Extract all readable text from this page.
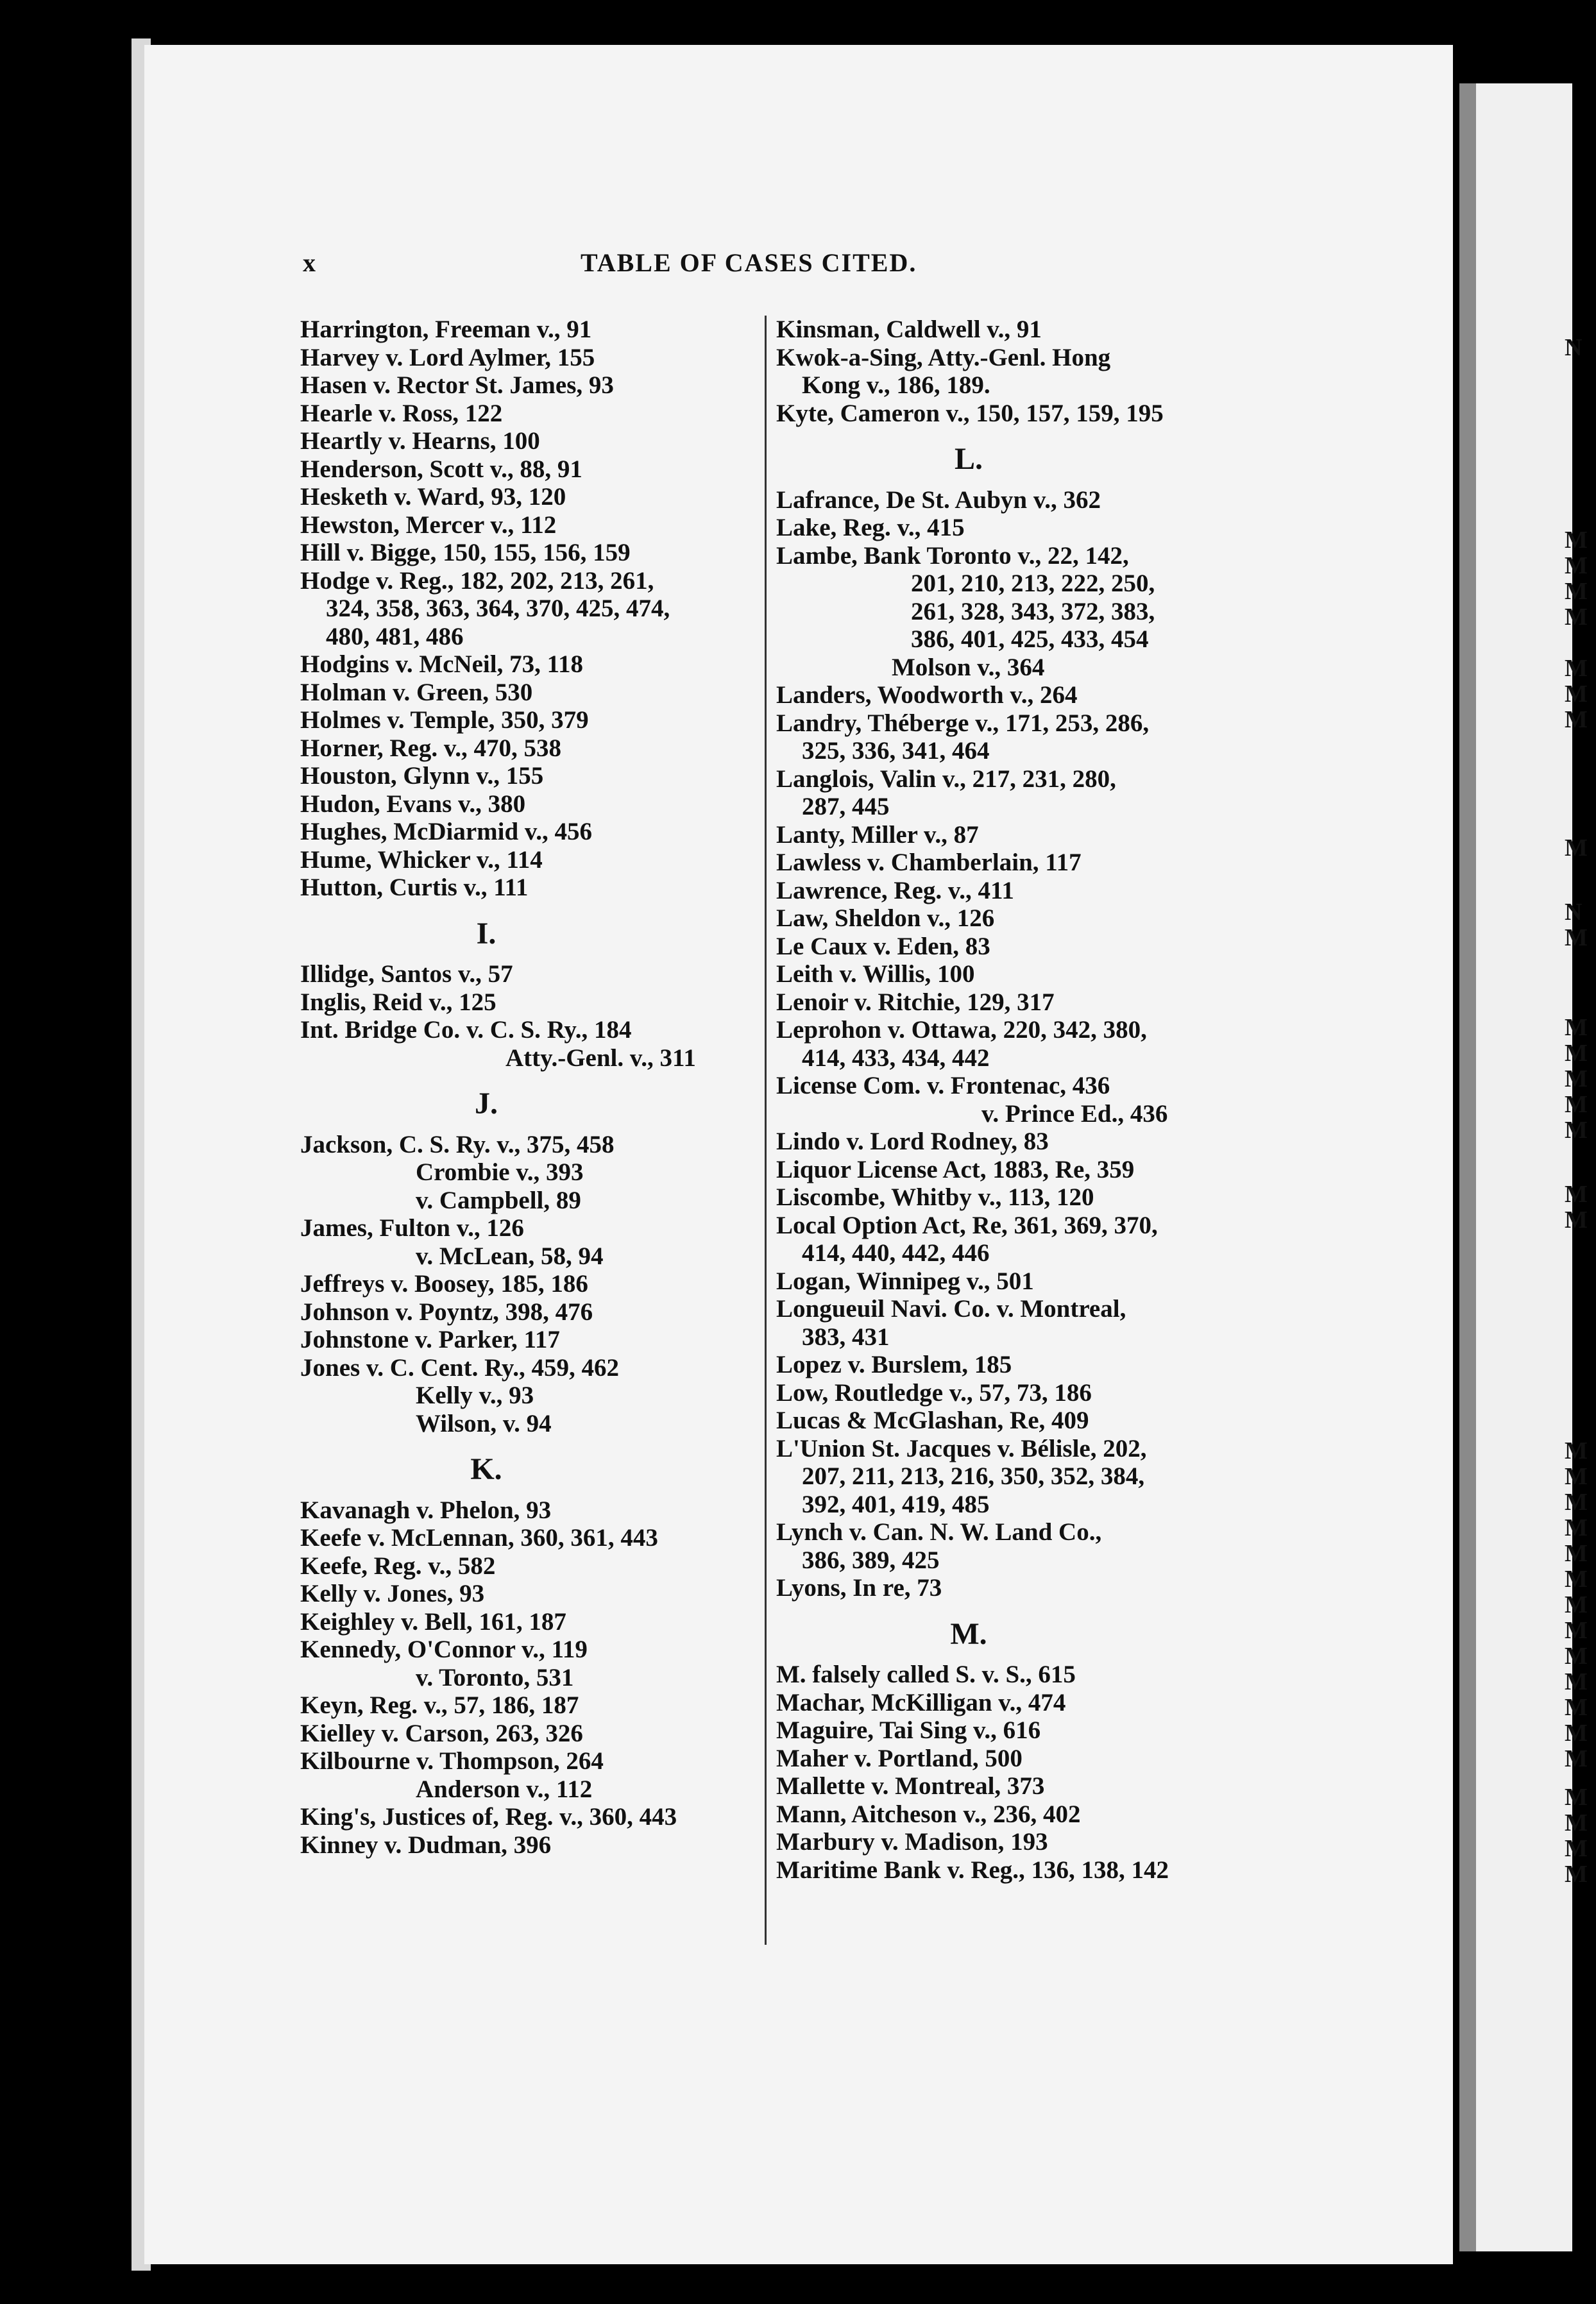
x	TABLE OF CASES CITED.
Harrington, Freeman v., 91
Harvey v. Lord Aylmer, 155
Hasen v. Rector St. James, 93
Hearle v. Ross, 122
Heartly v. Hearns, 100
Henderson, Scott v., 88, 91
Hesketh v. Ward, 93, 120
Hewston, Mercer v., 112
Hill v. Bigge, 150, 155, 156, 159
Hodge v. Reg., 182, 202, 213, 261,
324, 358, 363, 364, 370, 425, 474,
480, 481, 486
Hodgins v. McNeil, 73, 118
Holman v. Green, 530
Holmes v. Temple, 350, 379
Horner, Reg. v., 470, 538
Houston, Glynn v., 155
Hudon, Evans v., 380
Hughes, McDiarmid v., 456
Hume, Whicker v., 114
Hutton, Curtis v., 111
I.
Illidge, Santos v., 57
Inglis, Reid v., 125
Int. Bridge Co. v. C. S. Ry., 184
Atty.-Genl. v., 311
J.
Jackson, C. S. Ry. v., 375, 458
Crombie v., 393
v. Campbell, 89
James, Fulton v., 126
v. McLean, 58, 94
Jeffreys v. Boosey, 185, 186
Johnson v. Poyntz, 398, 476
Johnstone v. Parker, 117
Jones v. C. Cent. Ry., 459, 462
Kelly v., 93
Wilson, v. 94
K.
Kavanagh v. Phelon, 93
Keefe v. McLennan, 360, 361, 443
Keefe, Reg. v., 582
Kelly v. Jones, 93
Keighley v. Bell, 161, 187
Kennedy, O'Connor v., 119
v. Toronto, 531
Keyn, Reg. v., 57, 186, 187
Kielley v. Carson, 263, 326
Kilbourne v. Thompson, 264
Anderson v., 112
King's, Justices of, Reg. v., 360, 443
Kinney v. Dudman, 396
Kinsman, Caldwell v., 91
Kwok-a-Sing, Atty.-Genl. Hong
Kong v., 186, 189.
Kyte, Cameron v., 150, 157, 159, 195
L.
Lafrance, De St. Aubyn v., 362
Lake, Reg. v., 415
Lambe, Bank Toronto v., 22, 142,
201, 210, 213, 222, 250,
261, 328, 343, 372, 383,
386, 401, 425, 433, 454
Molson v., 364
Landers, Woodworth v., 264
Landry, Théberge v., 171, 253, 286,
325, 336, 341, 464
Langlois, Valin v., 217, 231, 280,
287, 445
Lanty, Miller v., 87
Lawless v. Chamberlain, 117
Lawrence, Reg. v., 411
Law, Sheldon v., 126
Le Caux v. Eden, 83
Leith v. Willis, 100
Lenoir v. Ritchie, 129, 317
Leprohon v. Ottawa, 220, 342, 380,
414, 433, 434, 442
License Com. v. Frontenac, 436
v. Prince Ed., 436
Lindo v. Lord Rodney, 83
Liquor License Act, 1883, Re, 359
Liscombe, Whitby v., 113, 120
Local Option Act, Re, 361, 369, 370,
414, 440, 442, 446
Logan, Winnipeg v., 501
Longueuil Navi. Co. v. Montreal,
383, 431
Lopez v. Burslem, 185
Low, Routledge v., 57, 73, 186
Lucas & McGlashan, Re, 409
L'Union St. Jacques v. Bélisle, 202,
207, 211, 213, 216, 350, 352, 384,
392, 401, 419, 485
Lynch v. Can. N. W. Land Co.,
386, 389, 425
Lyons, In re, 73
M.
M. falsely called S. v. S., 615
Machar, McKilligan v., 474
Maguire, Tai Sing v., 616
Maher v. Portland, 500
Mallette v. Montreal, 373
Mann, Aitcheson v., 236, 402
Marbury v. Madison, 193
Maritime Bank v. Reg., 136, 138, 142
N
M
M
M
M
M
M
M
M
N
M
M
M
M
M
M
M
M
M
M
M
M
M
M
M
M
M
M
M
M
M
M
M
M
M
